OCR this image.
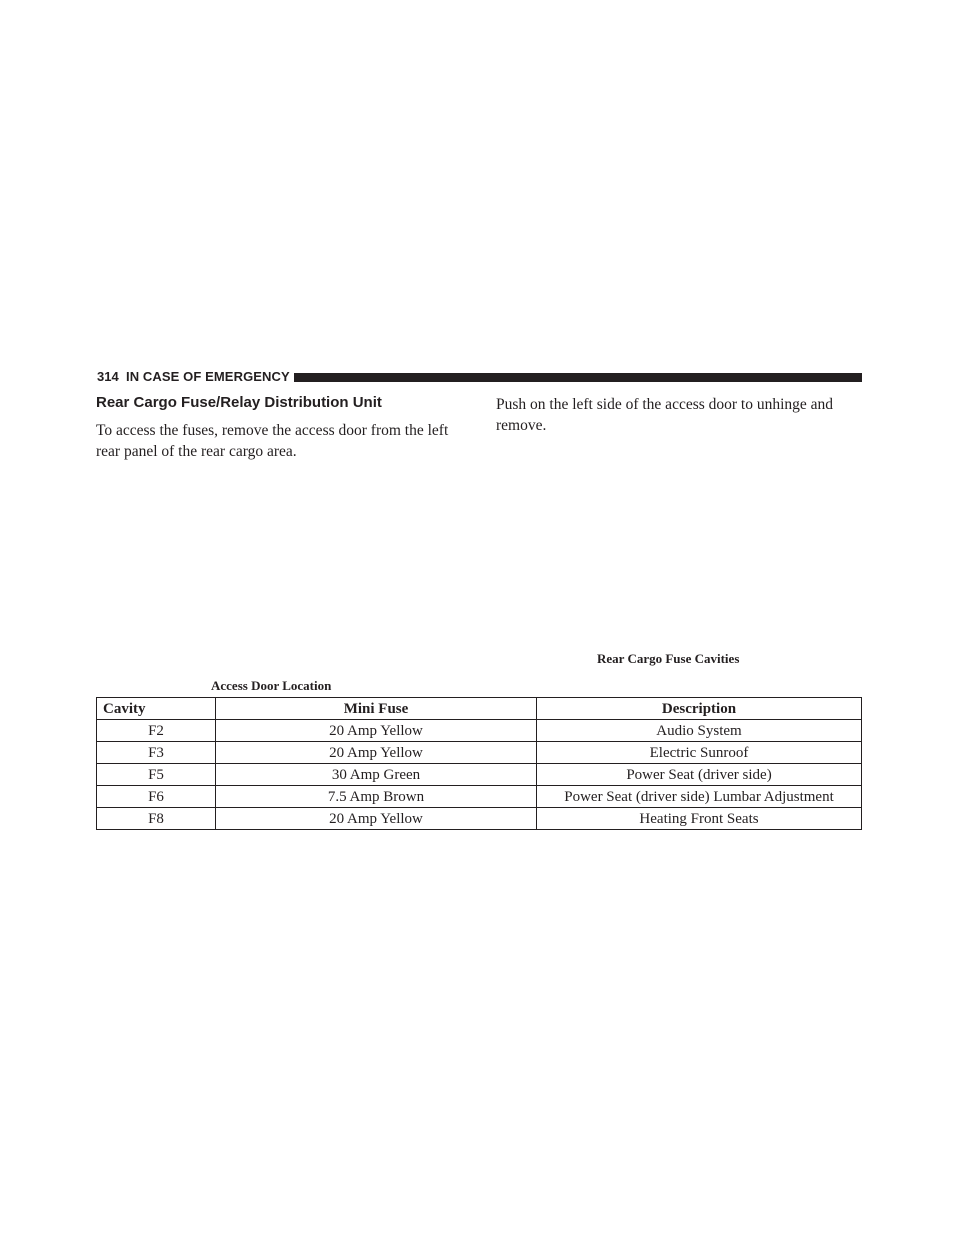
314 IN CASE OF EMERGENCY
Rear Cargo Fuse/Relay Distribution Unit

To access the fuses, remove the access door from the left rear panel of the rear cargo area.

Push on the left side of the access door to unhinge and remove.

Access Door Location
Rear Cargo Fuse Cavities
Cavity	Mini Fuse	Description
F2	20 Amp Yellow	Audio System
F3	20 Amp Yellow	Electric Sunroof
F5	30 Amp Green	Power Seat (driver side)
F6	7.5 Amp Brown	Power Seat (driver side) Lumbar Adjustment
F8	20 Amp Yellow	Heating Front Seats
